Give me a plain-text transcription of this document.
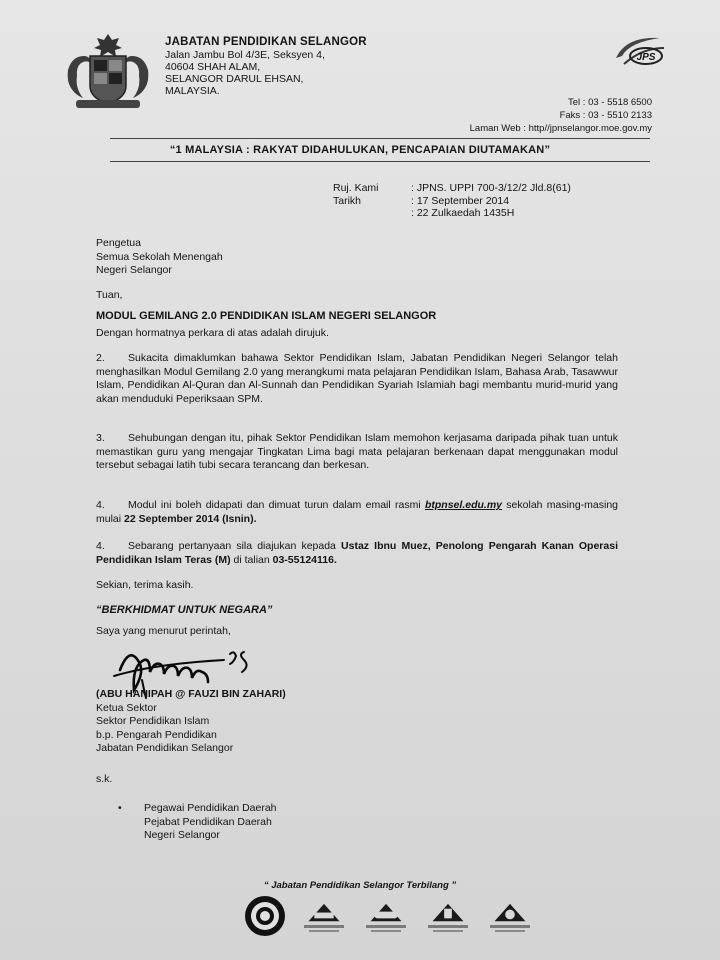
JABATAN PENDIDIKAN SELANGOR
Jalan Jambu Bol 4/3E, Seksyen 4,
40604 SHAH ALAM,
SELANGOR DARUL EHSAN,
MALAYSIA.
JPS
Tel : 03 - 5518 6500
Faks : 03 - 5510 2133
Laman Web : http//jpnselangor.moe.gov.my
“1 MALAYSIA : RAKYAT DIDAHULUKAN, PENCAPAIAN DIUTAMAKAN”
Ruj. Kami	: JPNS. UPPI 700-3/12/2 Jld.8(61)
Tarikh	: 17 September 2014
: 22 Zulkaedah 1435H
Pengetua
Semua Sekolah Menengah
Negeri Selangor
Tuan,
MODUL GEMILANG 2.0 PENDIDIKAN ISLAM NEGERI SELANGOR
Dengan hormatnya perkara di atas adalah dirujuk.
2. Sukacita dimaklumkan bahawa Sektor Pendidikan Islam, Jabatan Pendidikan Negeri Selangor telah menghasilkan Modul Gemilang 2.0 yang merangkumi mata pelajaran Pendidikan Islam, Bahasa Arab, Tasawwur Islam, Pendidikan Al-Quran dan Al-Sunnah dan Pendidikan Syariah Islamiah bagi membantu murid-murid yang akan menduduki Peperiksaan SPM.
3. Sehubungan dengan itu, pihak Sektor Pendidikan Islam memohon kerjasama daripada pihak tuan untuk memastikan guru yang mengajar Tingkatan Lima bagi mata pelajaran berkenaan dapat menggunakan modul tersebut sebagai latih tubi secara terancang dan berkesan.
4. Modul ini boleh didapati dan dimuat turun dalam email rasmi btpnsel.edu.my sekolah masing-masing mulai 22 September 2014 (Isnin).
4. Sebarang pertanyaan sila diajukan kepada Ustaz Ibnu Muez, Penolong Pengarah Kanan Operasi Pendidikan Islam Teras (M) di talian 03-55124116.
Sekian, terima kasih.
“BERKHIDMAT UNTUK NEGARA”
Saya yang menurut perintah,
(ABU HANIPAH @ FAUZI BIN ZAHARI)
Ketua Sektor
Sektor Pendidikan Islam
b.p. Pengarah Pendidikan
Jabatan Pendidikan Selangor
s.k.
• Pegawai Pendidikan Daerah
Pejabat Pendidikan Daerah
Negeri Selangor
“ Jabatan Pendidikan Selangor Terbilang ”
